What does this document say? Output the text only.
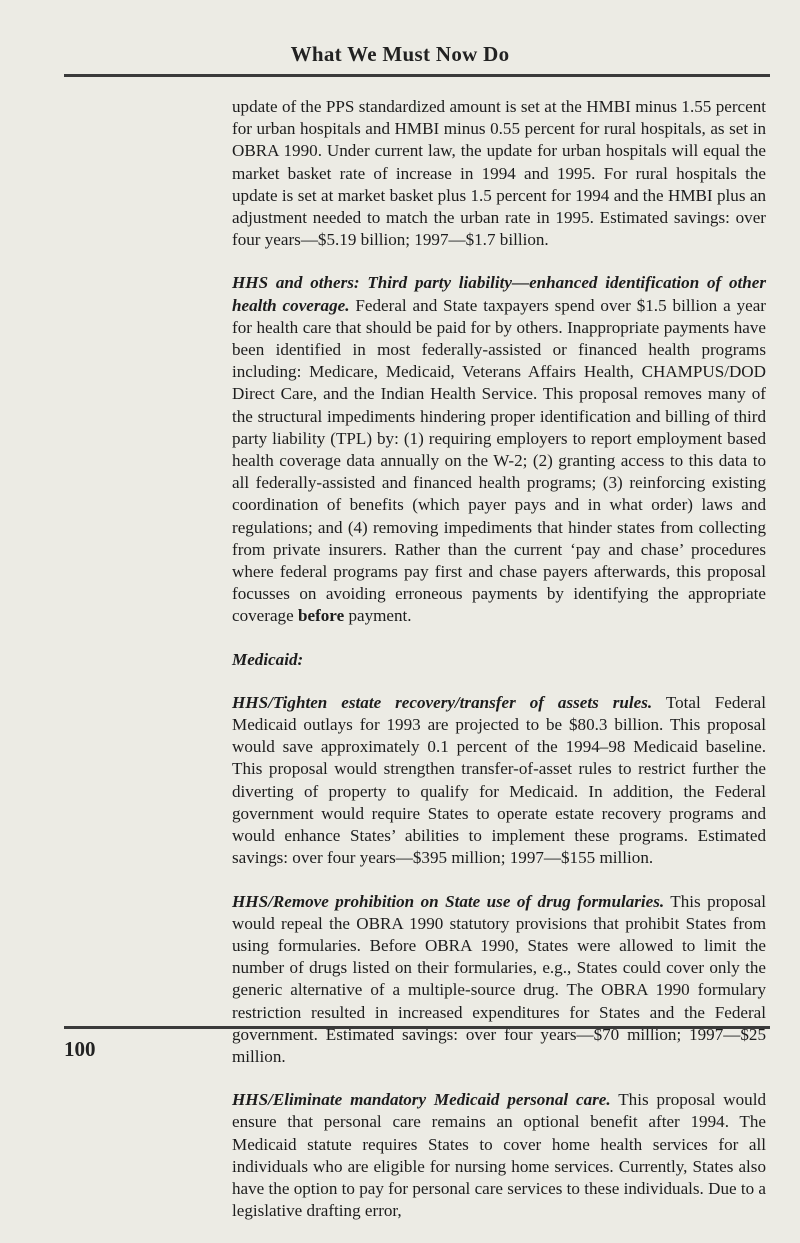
What We Must Now Do

update of the PPS standardized amount is set at the HMBI minus 1.55 percent for urban hospitals and HMBI minus 0.55 percent for rural hospitals, as set in OBRA 1990. Under current law, the update for urban hospitals will equal the market basket rate of increase in 1994 and 1995. For rural hospitals the update is set at market basket plus 1.5 percent for 1994 and the HMBI plus an adjustment needed to match the urban rate in 1995. Estimated savings: over four years—$5.19 billion; 1997—$1.7 billion.

HHS and others: Third party liability—enhanced identification of other health coverage. Federal and State taxpayers spend over $1.5 billion a year for health care that should be paid for by others. Inappropriate payments have been identified in most federally-assisted or financed health programs including: Medicare, Medicaid, Veterans Affairs Health, CHAMPUS/DOD Direct Care, and the Indian Health Service. This proposal removes many of the structural impediments hindering proper identification and billing of third party liability (TPL) by: (1) requiring employers to report employment based health coverage data annually on the W-2; (2) granting access to this data to all federally-assisted and financed health programs; (3) reinforcing existing coordination of benefits (which payer pays and in what order) laws and regulations; and (4) removing impediments that hinder states from collecting from private insurers. Rather than the current ‘pay and chase’ procedures where federal programs pay first and chase payers afterwards, this proposal focusses on avoiding erroneous payments by identifying the appropriate coverage before payment.

Medicaid:

HHS/Tighten estate recovery/transfer of assets rules. Total Federal Medicaid outlays for 1993 are projected to be $80.3 billion. This proposal would save approximately 0.1 percent of the 1994–98 Medicaid baseline. This proposal would strengthen transfer-of-asset rules to restrict further the diverting of property to qualify for Medicaid. In addition, the Federal government would require States to operate estate recovery programs and would enhance States’ abilities to implement these programs. Estimated savings: over four years—$395 million; 1997—$155 million.

HHS/Remove prohibition on State use of drug formularies. This proposal would repeal the OBRA 1990 statutory provisions that prohibit States from using formularies. Before OBRA 1990, States were allowed to limit the number of drugs listed on their formularies, e.g., States could cover only the generic alternative of a multiple-source drug. The OBRA 1990 formulary restriction resulted in increased expenditures for States and the Federal government. Estimated savings: over four years—$70 million; 1997—$25 million.

HHS/Eliminate mandatory Medicaid personal care. This proposal would ensure that personal care remains an optional benefit after 1994. The Medicaid statute requires States to cover home health services for all individuals who are eligible for nursing home services. Currently, States also have the option to pay for personal care services to these individuals. Due to a legislative drafting error,

100
